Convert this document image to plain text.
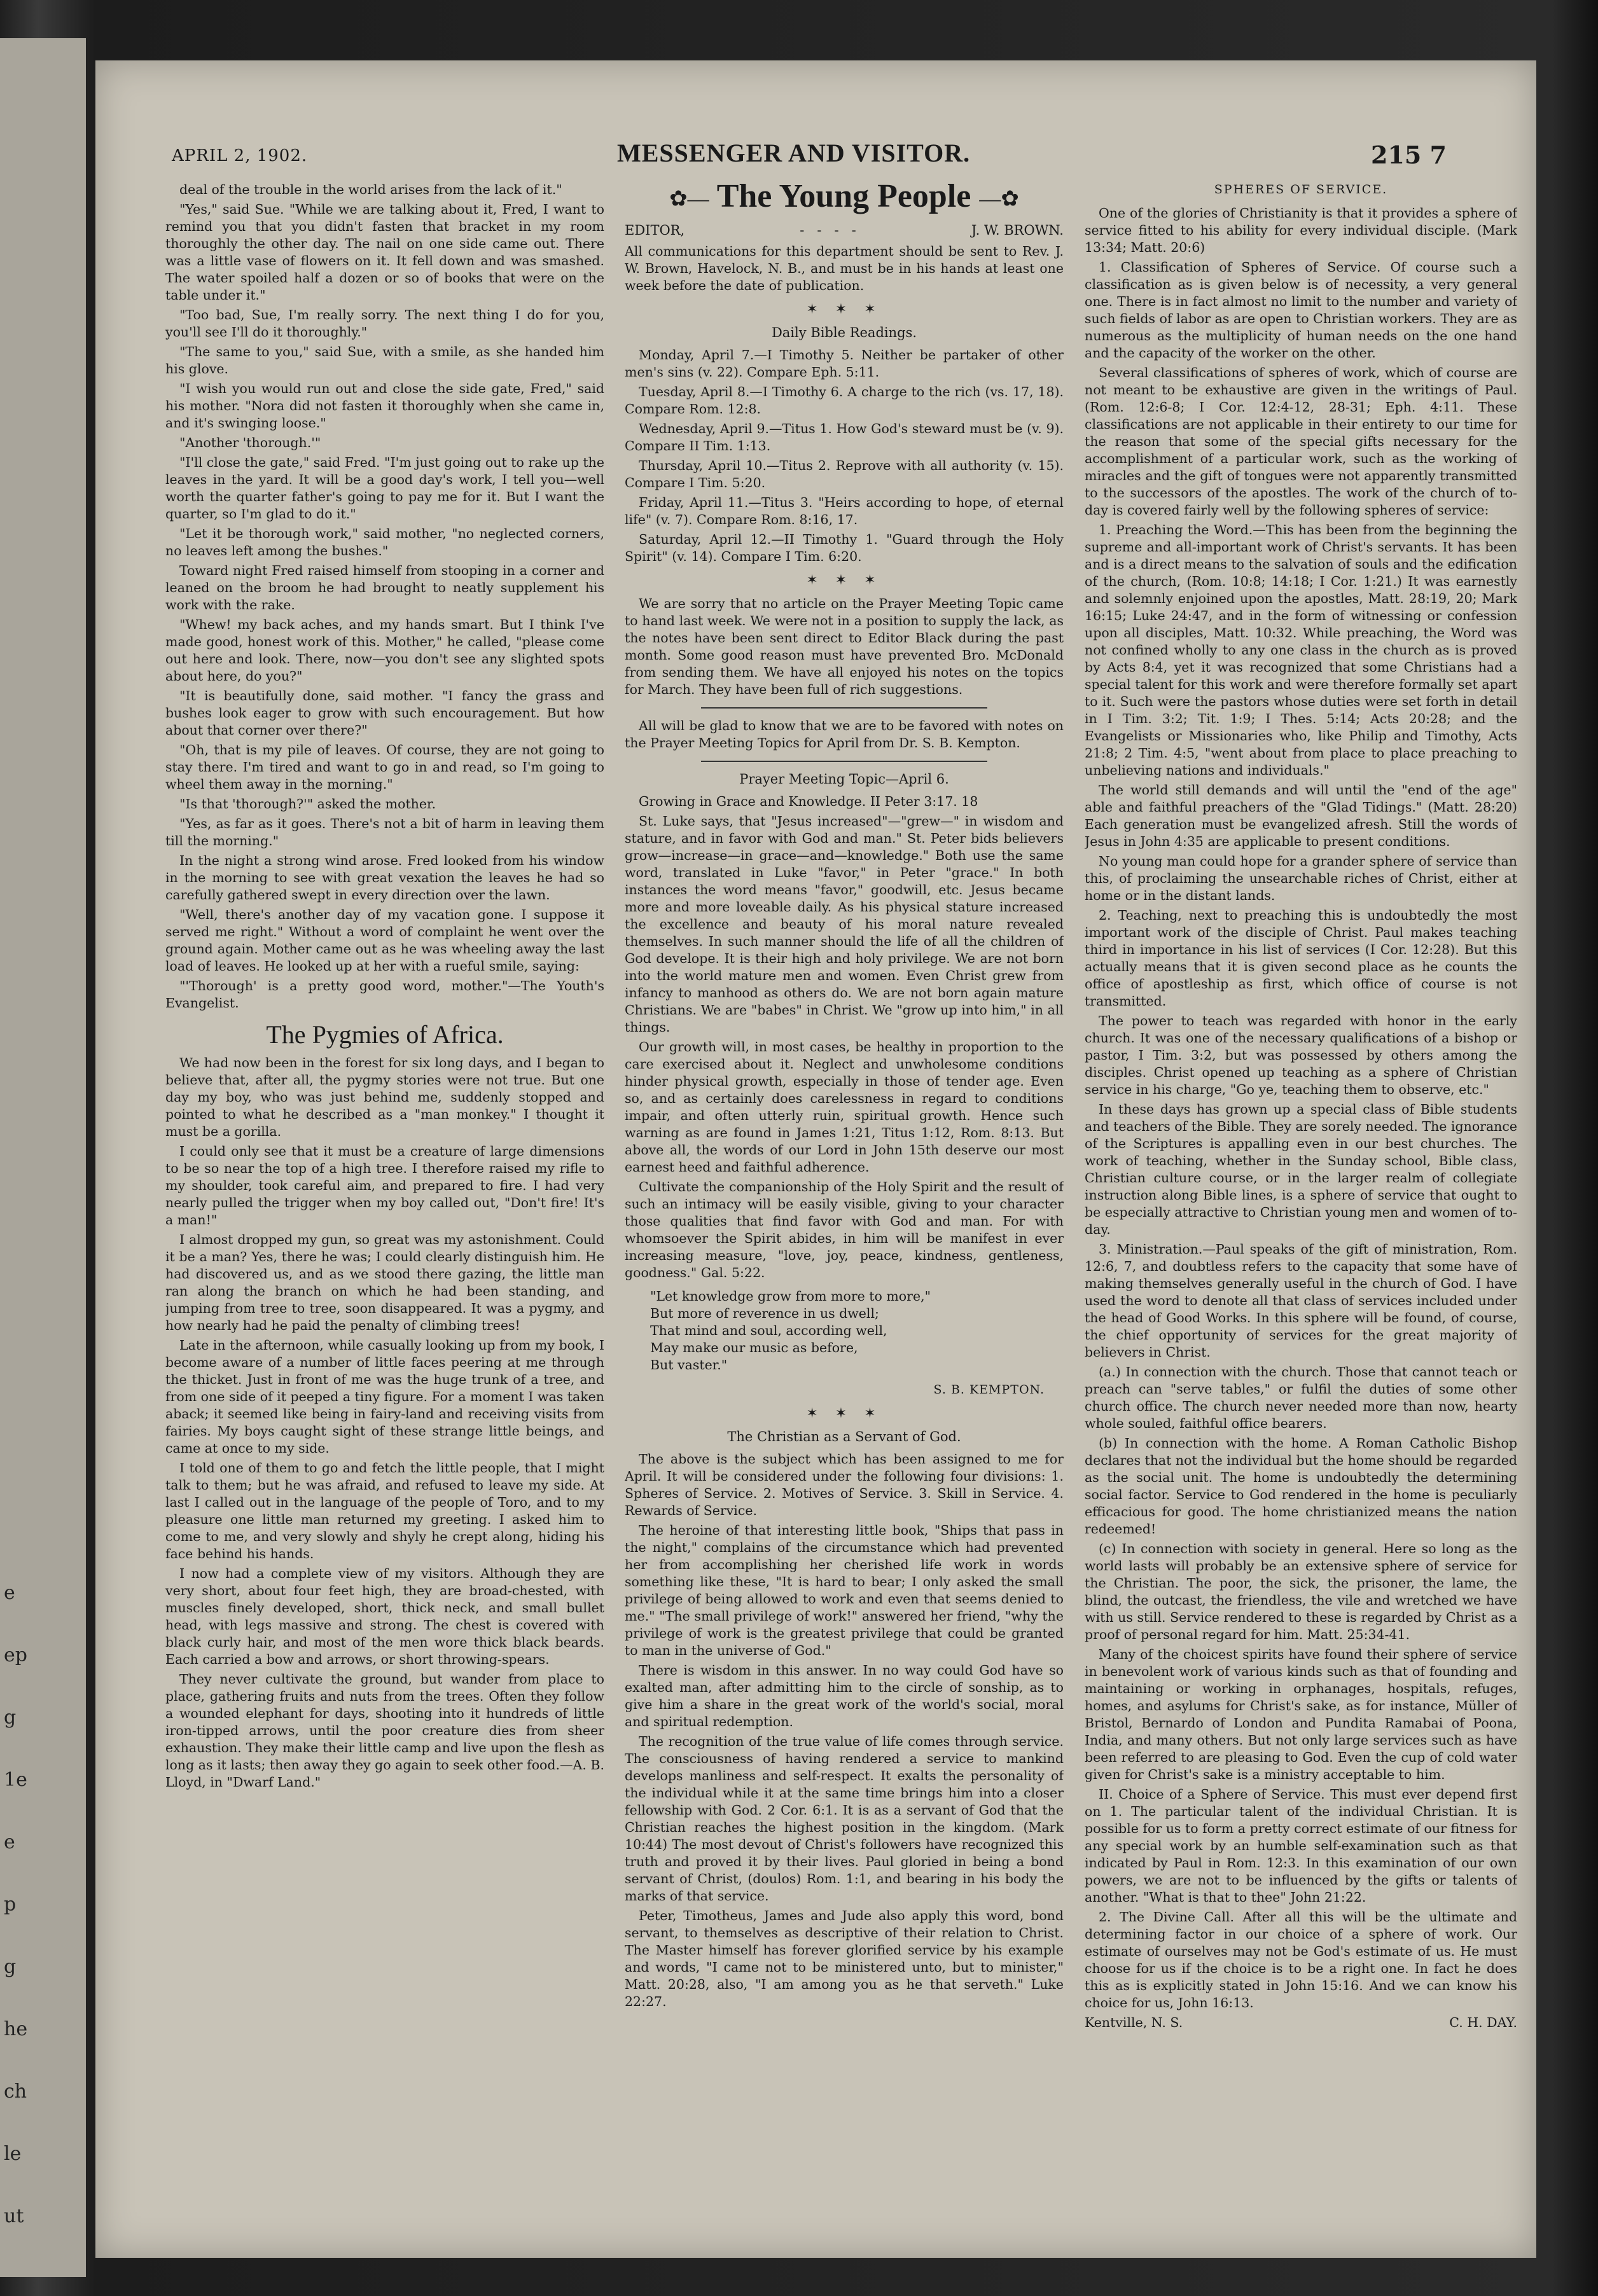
e
ep
g
1e
e
p
g
he
ch
le
ut
APRIL 2, 1902.	MESSENGER AND VISITOR.	215 7

deal of the trouble in the world arises from the lack of it."

"Yes," said Sue. "While we are talking about it, Fred, I want to remind you that you didn't fasten that bracket in my room thoroughly the other day. The nail on one side came out. There was a little vase of flowers on it. It fell down and was smashed. The water spoiled half a dozen or so of books that were on the table under it."

"Too bad, Sue, I'm really sorry. The next thing I do for you, you'll see I'll do it thoroughly."

"The same to you," said Sue, with a smile, as she handed him his glove.

"I wish you would run out and close the side gate, Fred," said his mother. "Nora did not fasten it thoroughly when she came in, and it's swinging loose."

"Another 'thorough.'"

"I'll close the gate," said Fred. "I'm just going out to rake up the leaves in the yard. It will be a good day's work, I tell you—well worth the quarter father's going to pay me for it. But I want the quarter, so I'm glad to do it."

"Let it be thorough work," said mother, "no neglected corners, no leaves left among the bushes."

Toward night Fred raised himself from stooping in a corner and leaned on the broom he had brought to neatly supplement his work with the rake.

"Whew! my back aches, and my hands smart. But I think I've made good, honest work of this. Mother," he called, "please come out here and look. There, now—you don't see any slighted spots about here, do you?"

"It is beautifully done, said mother. "I fancy the grass and bushes look eager to grow with such encouragement. But how about that corner over there?"

"Oh, that is my pile of leaves. Of course, they are not going to stay there. I'm tired and want to go in and read, so I'm going to wheel them away in the morning."

"Is that 'thorough?'" asked the mother.

"Yes, as far as it goes. There's not a bit of harm in leaving them till the morning."

In the night a strong wind arose. Fred looked from his window in the morning to see with great vexation the leaves he had so carefully gathered swept in every direction over the lawn.

"Well, there's another day of my vacation gone. I suppose it served me right." Without a word of complaint he went over the ground again. Mother came out as he was wheeling away the last load of leaves. He looked up at her with a rueful smile, saying:

"'Thorough' is a pretty good word, mother."—The Youth's Evangelist.

The Pygmies of Africa.

We had now been in the forest for six long days, and I began to believe that, after all, the pygmy stories were not true. But one day my boy, who was just behind me, suddenly stopped and pointed to what he described as a "man monkey." I thought it must be a gorilla.

I could only see that it must be a creature of large dimensions to be so near the top of a high tree. I therefore raised my rifle to my shoulder, took careful aim, and prepared to fire. I had very nearly pulled the trigger when my boy called out, "Don't fire! It's a man!"

I almost dropped my gun, so great was my astonishment. Could it be a man? Yes, there he was; I could clearly distinguish him. He had discovered us, and as we stood there gazing, the little man ran along the branch on which he had been standing, and jumping from tree to tree, soon disappeared. It was a pygmy, and how nearly had he paid the penalty of climbing trees!

Late in the afternoon, while casually looking up from my book, I become aware of a number of little faces peering at me through the thicket. Just in front of me was the huge trunk of a tree, and from one side of it peeped a tiny figure. For a moment I was taken aback; it seemed like being in fairy-land and receiving visits from fairies. My boys caught sight of these strange little beings, and came at once to my side.

I told one of them to go and fetch the little people, that I might talk to them; but he was afraid, and refused to leave my side. At last I called out in the language of the people of Toro, and to my pleasure one little man returned my greeting. I asked him to come to me, and very slowly and shyly he crept along, hiding his face behind his hands.

I now had a complete view of my visitors. Although they are very short, about four feet high, they are broad-chested, with muscles finely developed, short, thick neck, and small bullet head, with legs massive and strong. The chest is covered with black curly hair, and most of the men wore thick black beards. Each carried a bow and arrows, or short throwing-spears.

They never cultivate the ground, but wander from place to place, gathering fruits and nuts from the trees. Often they follow a wounded elephant for days, shooting into it hundreds of little iron-tipped arrows, until the poor creature dies from sheer exhaustion. They make their little camp and live upon the flesh as long as it lasts; then away they go again to seek other food.—A. B. Lloyd, in "Dwarf Land."

✿— The Young People —✿
EDITOR,	-   -   -   -	J. W. BROWN.

All communications for this department should be sent to Rev. J. W. Brown, Havelock, N. B., and must be in his hands at least one week before the date of publication.

✶ ✶ ✶
Daily Bible Readings.

Monday, April 7.—I Timothy 5. Neither be partaker of other men's sins (v. 22). Compare Eph. 5:11.

Tuesday, April 8.—I Timothy 6. A charge to the rich (vs. 17, 18). Compare Rom. 12:8.

Wednesday, April 9.—Titus 1. How God's steward must be (v. 9). Compare II Tim. 1:13.

Thursday, April 10.—Titus 2. Reprove with all authority (v. 15). Compare I Tim. 5:20.

Friday, April 11.—Titus 3. "Heirs according to hope, of eternal life" (v. 7). Compare Rom. 8:16, 17.

Saturday, April 12.—II Timothy 1. "Guard through the Holy Spirit" (v. 14). Compare I Tim. 6:20.

✶ ✶ ✶

We are sorry that no article on the Prayer Meeting Topic came to hand last week. We were not in a position to supply the lack, as the notes have been sent direct to Editor Black during the past month. Some good reason must have prevented Bro. McDonald from sending them. We have all enjoyed his notes on the topics for March. They have been full of rich suggestions.

All will be glad to know that we are to be favored with notes on the Prayer Meeting Topics for April from Dr. S. B. Kempton.

Prayer Meeting Topic—April 6.

Growing in Grace and Knowledge. II Peter 3:17. 18

St. Luke says, that "Jesus increased"—"grew—" in wisdom and stature, and in favor with God and man." St. Peter bids believers grow—increase—in grace—and—knowledge." Both use the same word, translated in Luke "favor," in Peter "grace." In both instances the word means "favor," goodwill, etc. Jesus became more and more loveable daily. As his physical stature increased the excellence and beauty of his moral nature revealed themselves. In such manner should the life of all the children of God develope. It is their high and holy privilege. We are not born into the world mature men and women. Even Christ grew from infancy to manhood as others do. We are not born again mature Christians. We are "babes" in Christ. We "grow up into him," in all things.

Our growth will, in most cases, be healthy in proportion to the care exercised about it. Neglect and unwholesome conditions hinder physical growth, especially in those of tender age. Even so, and as certainly does carelessness in regard to conditions impair, and often utterly ruin, spiritual growth. Hence such warning as are found in James 1:21, Titus 1:12, Rom. 8:13. But above all, the words of our Lord in John 15th deserve our most earnest heed and faithful adherence.

Cultivate the companionship of the Holy Spirit and the result of such an intimacy will be easily visible, giving to your character those qualities that find favor with God and man. For with whomsoever the Spirit abides, in him will be manifest in ever increasing measure, "love, joy, peace, kindness, gentleness, goodness." Gal. 5:22.

"Let knowledge grow from more to more,"
But more of reverence in us dwell;
That mind and soul, according well,
May make our music as before,
But vaster."
S. B. KEMPTON.
✶ ✶ ✶
The Christian as a Servant of God.

The above is the subject which has been assigned to me for April. It will be considered under the following four divisions: 1. Spheres of Service. 2. Motives of Service. 3. Skill in Service. 4. Rewards of Service.

The heroine of that interesting little book, "Ships that pass in the night," complains of the circumstance which had prevented her from accomplishing her cherished life work in words something like these, "It is hard to bear; I only asked the small privilege of being allowed to work and even that seems denied to me." "The small privilege of work!" answered her friend, "why the privilege of work is the greatest privilege that could be granted to man in the universe of God."

There is wisdom in this answer. In no way could God have so exalted man, after admitting him to the circle of sonship, as to give him a share in the great work of the world's social, moral and spiritual redemption.

The recognition of the true value of life comes through service. The consciousness of having rendered a service to mankind develops manliness and self-respect. It exalts the personality of the individual while it at the same time brings him into a closer fellowship with God. 2 Cor. 6:1. It is as a servant of God that the Christian reaches the highest position in the kingdom. (Mark 10:44) The most devout of Christ's followers have recognized this truth and proved it by their lives. Paul gloried in being a bond servant of Christ, (doulos) Rom. 1:1, and bearing in his body the marks of that service.

Peter, Timotheus, James and Jude also apply this word, bond servant, to themselves as descriptive of their relation to Christ. The Master himself has forever glorified service by his example and words, "I came not to be ministered unto, but to minister," Matt. 20:28, also, "I am among you as he that serveth." Luke 22:27.

SPHERES OF SERVICE.

One of the glories of Christianity is that it provides a sphere of service fitted to his ability for every individual disciple. (Mark 13:34; Matt. 20:6)

1. Classification of Spheres of Service. Of course such a classification as is given below is of necessity, a very general one. There is in fact almost no limit to the number and variety of such fields of labor as are open to Christian workers. They are as numerous as the multiplicity of human needs on the one hand and the capacity of the worker on the other.

Several classifications of spheres of work, which of course are not meant to be exhaustive are given in the writings of Paul. (Rom. 12:6-8; I Cor. 12:4-12, 28-31; Eph. 4:11. These classifications are not applicable in their entirety to our time for the reason that some of the special gifts necessary for the accomplishment of a particular work, such as the working of miracles and the gift of tongues were not apparently transmitted to the successors of the apostles. The work of the church of to-day is covered fairly well by the following spheres of service:

1. Preaching the Word.—This has been from the beginning the supreme and all-important work of Christ's servants. It has been and is a direct means to the salvation of souls and the edification of the church, (Rom. 10:8; 14:18; I Cor. 1:21.) It was earnestly and solemnly enjoined upon the apostles, Matt. 28:19, 20; Mark 16:15; Luke 24:47, and in the form of witnessing or confession upon all disciples, Matt. 10:32. While preaching, the Word was not confined wholly to any one class in the church as is proved by Acts 8:4, yet it was recognized that some Christians had a special talent for this work and were therefore formally set apart to it. Such were the pastors whose duties were set forth in detail in I Tim. 3:2; Tit. 1:9; I Thes. 5:14; Acts 20:28; and the Evangelists or Missionaries who, like Philip and Timothy, Acts 21:8; 2 Tim. 4:5, "went about from place to place preaching to unbelieving nations and individuals."

The world still demands and will until the "end of the age" able and faithful preachers of the "Glad Tidings." (Matt. 28:20) Each generation must be evangelized afresh. Still the words of Jesus in John 4:35 are applicable to present conditions.

No young man could hope for a grander sphere of service than this, of proclaiming the unsearchable riches of Christ, either at home or in the distant lands.

2. Teaching, next to preaching this is undoubtedly the most important work of the disciple of Christ. Paul makes teaching third in importance in his list of services (I Cor. 12:28). But this actually means that it is given second place as he counts the office of apostleship as first, which office of course is not transmitted.

The power to teach was regarded with honor in the early church. It was one of the necessary qualifications of a bishop or pastor, I Tim. 3:2, but was possessed by others among the disciples. Christ opened up teaching as a sphere of Christian service in his charge, "Go ye, teaching them to observe, etc."

In these days has grown up a special class of Bible students and teachers of the Bible. They are sorely needed. The ignorance of the Scriptures is appalling even in our best churches. The work of teaching, whether in the Sunday school, Bible class, Christian culture course, or in the larger realm of collegiate instruction along Bible lines, is a sphere of service that ought to be especially attractive to Christian young men and women of to-day.

3. Ministration.—Paul speaks of the gift of ministration, Rom. 12:6, 7, and doubtless refers to the capacity that some have of making themselves generally useful in the church of God. I have used the word to denote all that class of services included under the head of Good Works. In this sphere will be found, of course, the chief opportunity of services for the great majority of believers in Christ.

(a.) In connection with the church. Those that cannot teach or preach can "serve tables," or fulfil the duties of some other church office. The church never needed more than now, hearty whole souled, faithful office bearers.

(b) In connection with the home. A Roman Catholic Bishop declares that not the individual but the home should be regarded as the social unit. The home is undoubtedly the determining social factor. Service to God rendered in the home is peculiarly efficacious for good. The home christianized means the nation redeemed!

(c) In connection with society in general. Here so long as the world lasts will probably be an extensive sphere of service for the Christian. The poor, the sick, the prisoner, the lame, the blind, the outcast, the friendless, the vile and wretched we have with us still. Service rendered to these is regarded by Christ as a proof of personal regard for him. Matt. 25:34-41.

Many of the choicest spirits have found their sphere of service in benevolent work of various kinds such as that of founding and maintaining or working in orphanages, hospitals, refuges, homes, and asylums for Christ's sake, as for instance, Müller of Bristol, Bernardo of London and Pundita Ramabai of Poona, India, and many others. But not only large services such as have been referred to are pleasing to God. Even the cup of cold water given for Christ's sake is a ministry acceptable to him.

II. Choice of a Sphere of Service. This must ever depend first on 1. The particular talent of the individual Christian. It is possible for us to form a pretty correct estimate of our fitness for any special work by an humble self-examination such as that indicated by Paul in Rom. 12:3. In this examination of our own powers, we are not to be influenced by the gifts or talents of another. "What is that to thee" John 21:22.

2. The Divine Call. After all this will be the ultimate and determining factor in our choice of a sphere of work. Our estimate of ourselves may not be God's estimate of us. He must choose for us if the choice is to be a right one. In fact he does this as is explicitly stated in John 15:16. And we can know his choice for us, John 16:13.

Kentville, N. S.	C. H. DAY.
